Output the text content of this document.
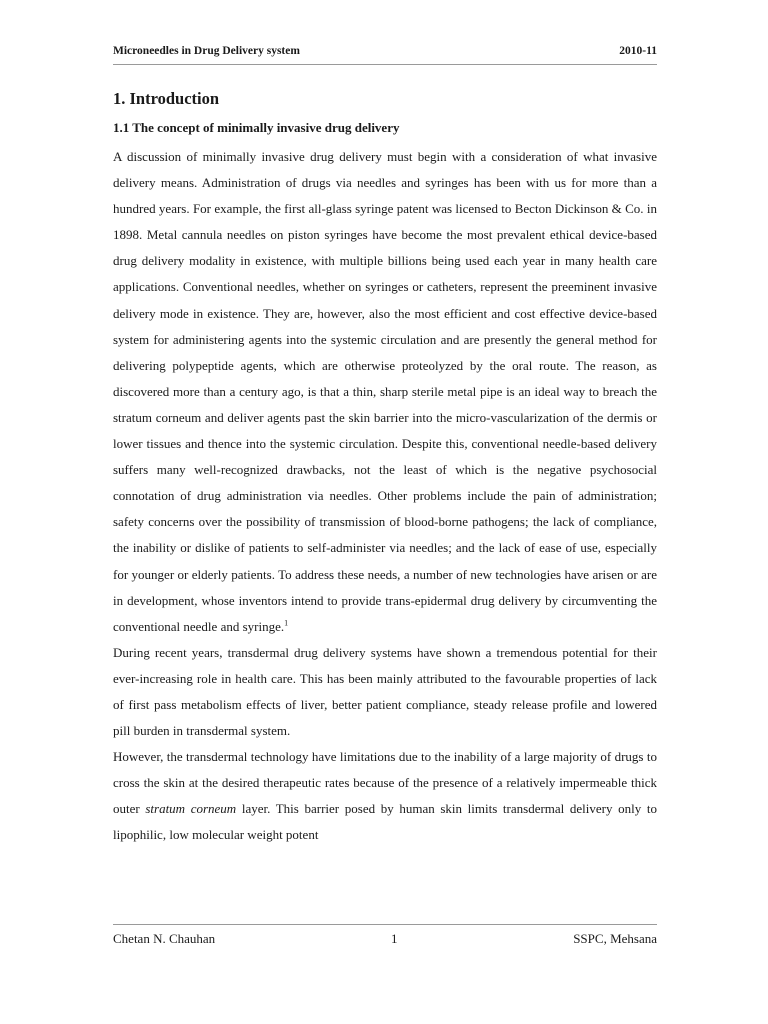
Microneedles in Drug Delivery system	2010-11
1. Introduction
1.1 The concept of minimally invasive drug delivery

A discussion of minimally invasive drug delivery must begin with a consideration of what invasive delivery means. Administration of drugs via needles and syringes has been with us for more than a hundred years. For example, the first all-glass syringe patent was licensed to Becton Dickinson & Co. in 1898. Metal cannula needles on piston syringes have become the most prevalent ethical device-based drug delivery modality in existence, with multiple billions being used each year in many health care applications. Conventional needles, whether on syringes or catheters, represent the preeminent invasive delivery mode in existence. They are, however, also the most efficient and cost effective device-based system for administering agents into the systemic circulation and are presently the general method for delivering polypeptide agents, which are otherwise proteolyzed by the oral route. The reason, as discovered more than a century ago, is that a thin, sharp sterile metal pipe is an ideal way to breach the stratum corneum and deliver agents past the skin barrier into the micro-vascularization of the dermis or lower tissues and thence into the systemic circulation. Despite this, conventional needle-based delivery suffers many well-recognized drawbacks, not the least of which is the negative psychosocial connotation of drug administration via needles. Other problems include the pain of administration; safety concerns over the possibility of transmission of blood-borne pathogens; the lack of compliance, the inability or dislike of patients to self-administer via needles; and the lack of ease of use, especially for younger or elderly patients. To address these needs, a number of new technologies have arisen or are in development, whose inventors intend to provide trans-epidermal drug delivery by circumventing the conventional needle and syringe.$^1$

During recent years, transdermal drug delivery systems have shown a tremendous potential for their ever-increasing role in health care. This has been mainly attributed to the favourable properties of lack of first pass metabolism effects of liver, better patient compliance, steady release profile and lowered pill burden in transdermal system.

However, the transdermal technology have limitations due to the inability of a large majority of drugs to cross the skin at the desired therapeutic rates because of the presence of a relatively impermeable thick outer stratum corneum layer. This barrier posed by human skin limits transdermal delivery only to lipophilic, low molecular weight potent

Chetan N. Chauhan	1	SSPC, Mehsana
